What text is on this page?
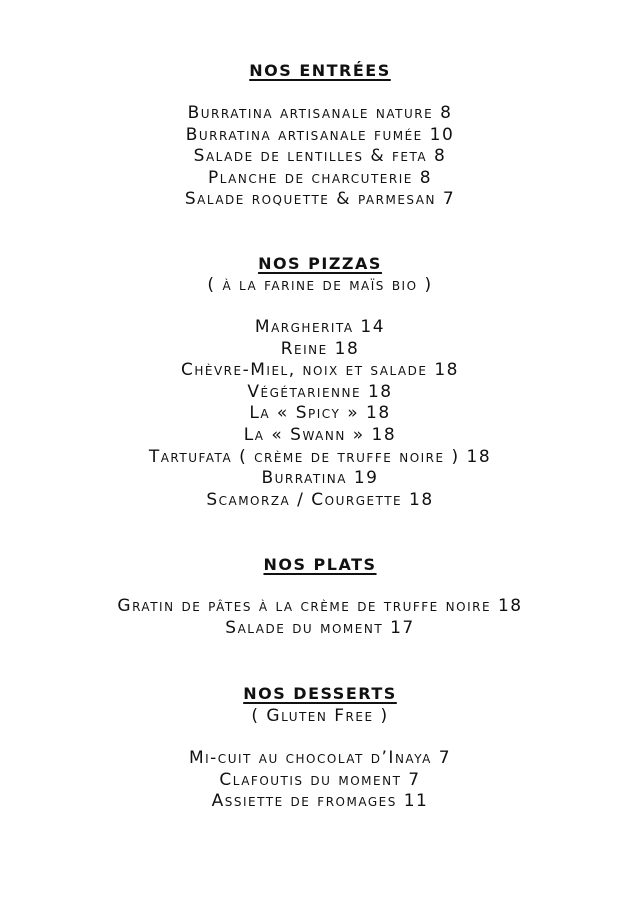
NOS ENTRÉES
Burratina artisanale nature 8
Burratina artisanale fumée 10
Salade de lentilles & feta 8
Planche de charcuterie 8
Salade roquette & parmesan 7
NOS PIZZAS
( à la farine de maïs bio )
Margherita 14
Reine 18
Chèvre-Miel, noix et salade 18
Végétarienne 18
La « Spicy » 18
La « Swann » 18
Tartufata ( crème de truffe noire ) 18
Burratina 19
Scamorza / Courgette 18
NOS PLATS
Gratin de pâtes à la crème de truffe noire 18
Salade du moment 17
NOS DESSERTS
( Gluten Free )
Mi-cuit au chocolat d’Inaya 7
Clafoutis du moment 7
Assiette de fromages 11
